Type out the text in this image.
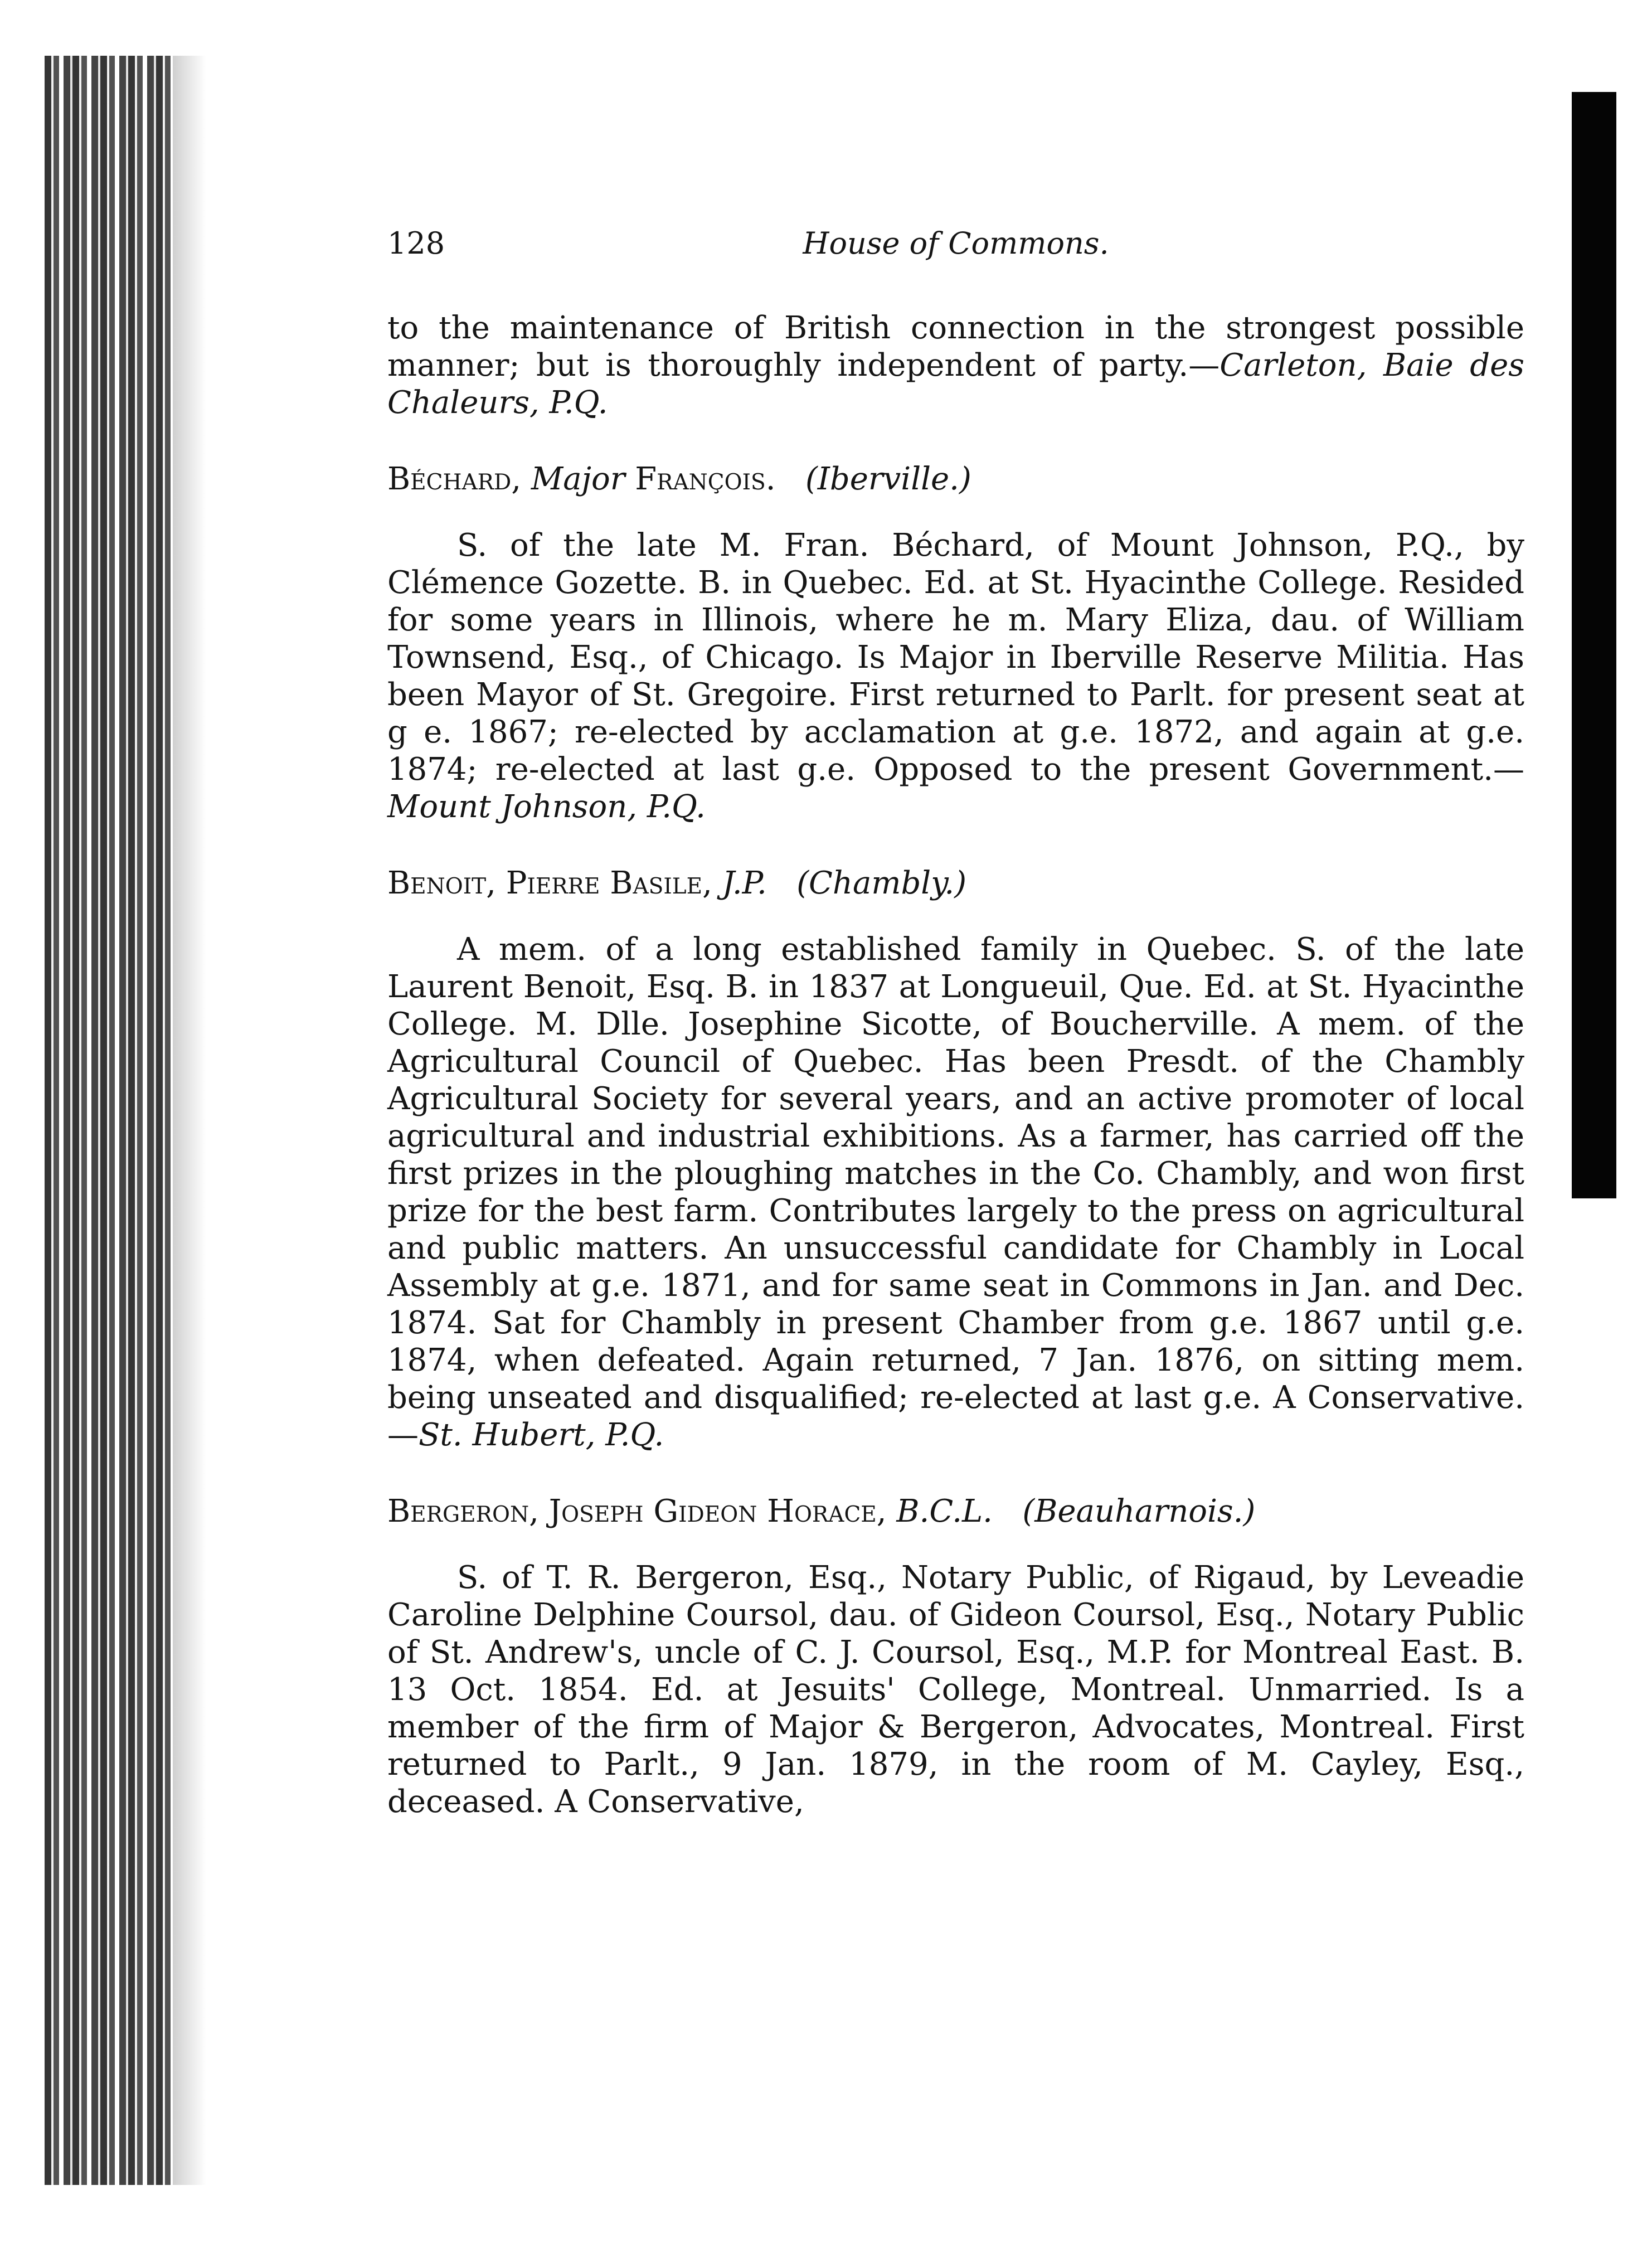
128	House of Commons.

to the maintenance of British connection in the strongest possible manner; but is thoroughly independent of party.—Carleton, Baie des Chaleurs, P.Q.

Béchard, Major François. (Iberville.)

S. of the late M. Fran. Béchard, of Mount Johnson, P.Q., by Clémence Gozette. B. in Quebec. Ed. at St. Hyacinthe College. Resided for some years in Illinois, where he m. Mary Eliza, dau. of William Townsend, Esq., of Chicago. Is Major in Iberville Reserve Militia. Has been Mayor of St. Gregoire. First returned to Parlt. for present seat at g e. 1867; re-elected by acclamation at g.e. 1872, and again at g.e. 1874; re-elected at last g.e. Opposed to the present Government.—Mount Johnson, P.Q.

Benoit, Pierre Basile, J.P. (Chambly.)

A mem. of a long established family in Quebec. S. of the late Laurent Benoit, Esq. B. in 1837 at Longueuil, Que. Ed. at St. Hyacinthe College. M. Dlle. Josephine Sicotte, of Boucherville. A mem. of the Agricultural Council of Quebec. Has been Presdt. of the Chambly Agricultural Society for several years, and an active promoter of local agricultural and industrial exhibitions. As a farmer, has carried off the first prizes in the ploughing matches in the Co. Chambly, and won first prize for the best farm. Contributes largely to the press on agricultural and public matters. An unsuccessful candidate for Chambly in Local Assembly at g.e. 1871, and for same seat in Commons in Jan. and Dec. 1874. Sat for Chambly in present Chamber from g.e. 1867 until g.e. 1874, when defeated. Again returned, 7 Jan. 1876, on sitting mem. being unseated and disqualified; re-elected at last g.e. A Conservative.—St. Hubert, P.Q.

Bergeron, Joseph Gideon Horace, B.C.L. (Beauharnois.)

S. of T. R. Bergeron, Esq., Notary Public, of Rigaud, by Leveadie Caroline Delphine Coursol, dau. of Gideon Coursol, Esq., Notary Public of St. Andrew's, uncle of C. J. Coursol, Esq., M.P. for Montreal East. B. 13 Oct. 1854. Ed. at Jesuits' College, Montreal. Unmarried. Is a member of the firm of Major & Bergeron, Advocates, Montreal. First returned to Parlt., 9 Jan. 1879, in the room of M. Cayley, Esq., deceased. A Conservative,
